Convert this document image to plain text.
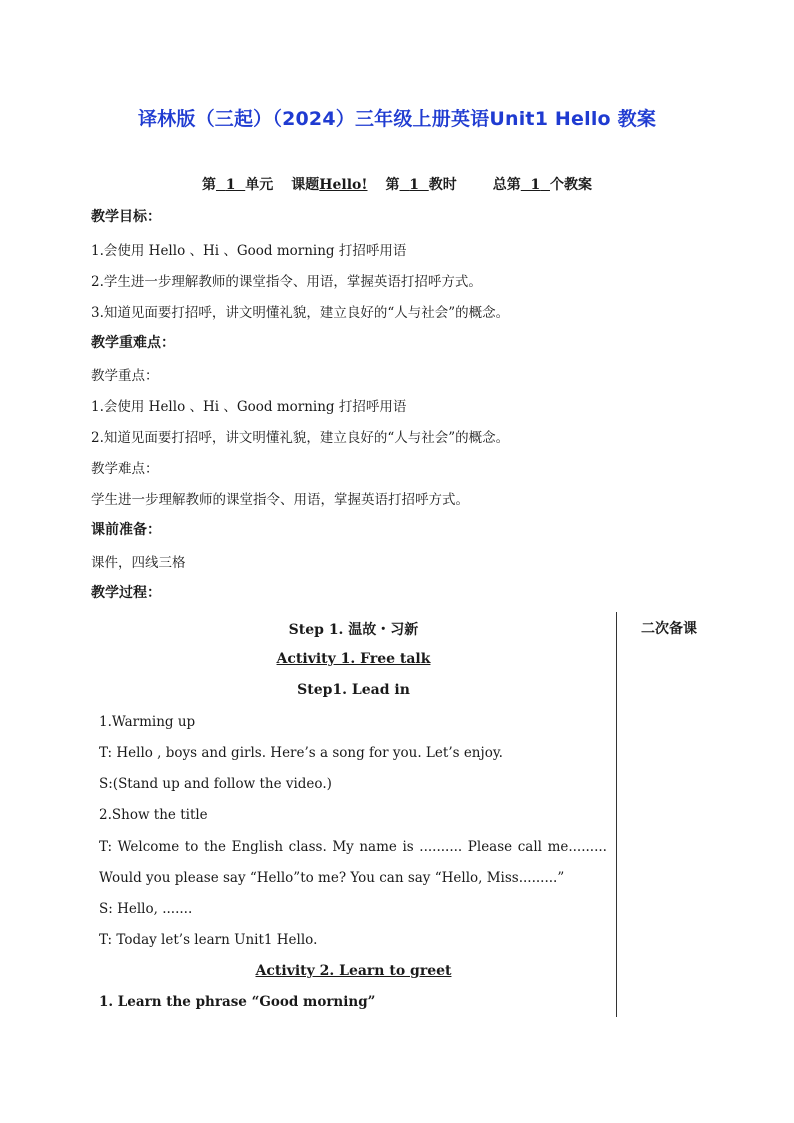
译林版（三起）（2024）三年级上册英语Unit1 Hello 教案
第 1 单元 课题Hello! 第 1 教时	总第 1 个教案
教学目标：
1.会使用 Hello 、Hi 、Good morning 打招呼用语
2.学生进一步理解教师的课堂指令、用语，掌握英语打招呼方式。
3.知道见面要打招呼，讲文明懂礼貌，建立良好的“人与社会”的概念。
教学重难点：
教学重点：
1.会使用 Hello 、Hi 、Good morning 打招呼用语
2.知道见面要打招呼，讲文明懂礼貌，建立良好的“人与社会”的概念。
教学难点：
学生进一步理解教师的课堂指令、用语，掌握英语打招呼方式。
课前准备：
课件，四线三格
教学过程：
二次备课
Step 1. 温故・习新
Activity 1. Free talk
Step1. Lead in
1.Warming up
T: Hello , boys and girls. Here’s a song for you. Let’s enjoy.
S:(Stand up and follow the video.)
2.Show the title
T: Welcome to the English class. My name is .......... Please call me.........
Would you please say “Hello”to me? You can say “Hello, Miss.........”
S: Hello, .......
T: Today let’s learn Unit1 Hello.
Activity 2. Learn to greet
1. Learn the phrase “Good morning”
